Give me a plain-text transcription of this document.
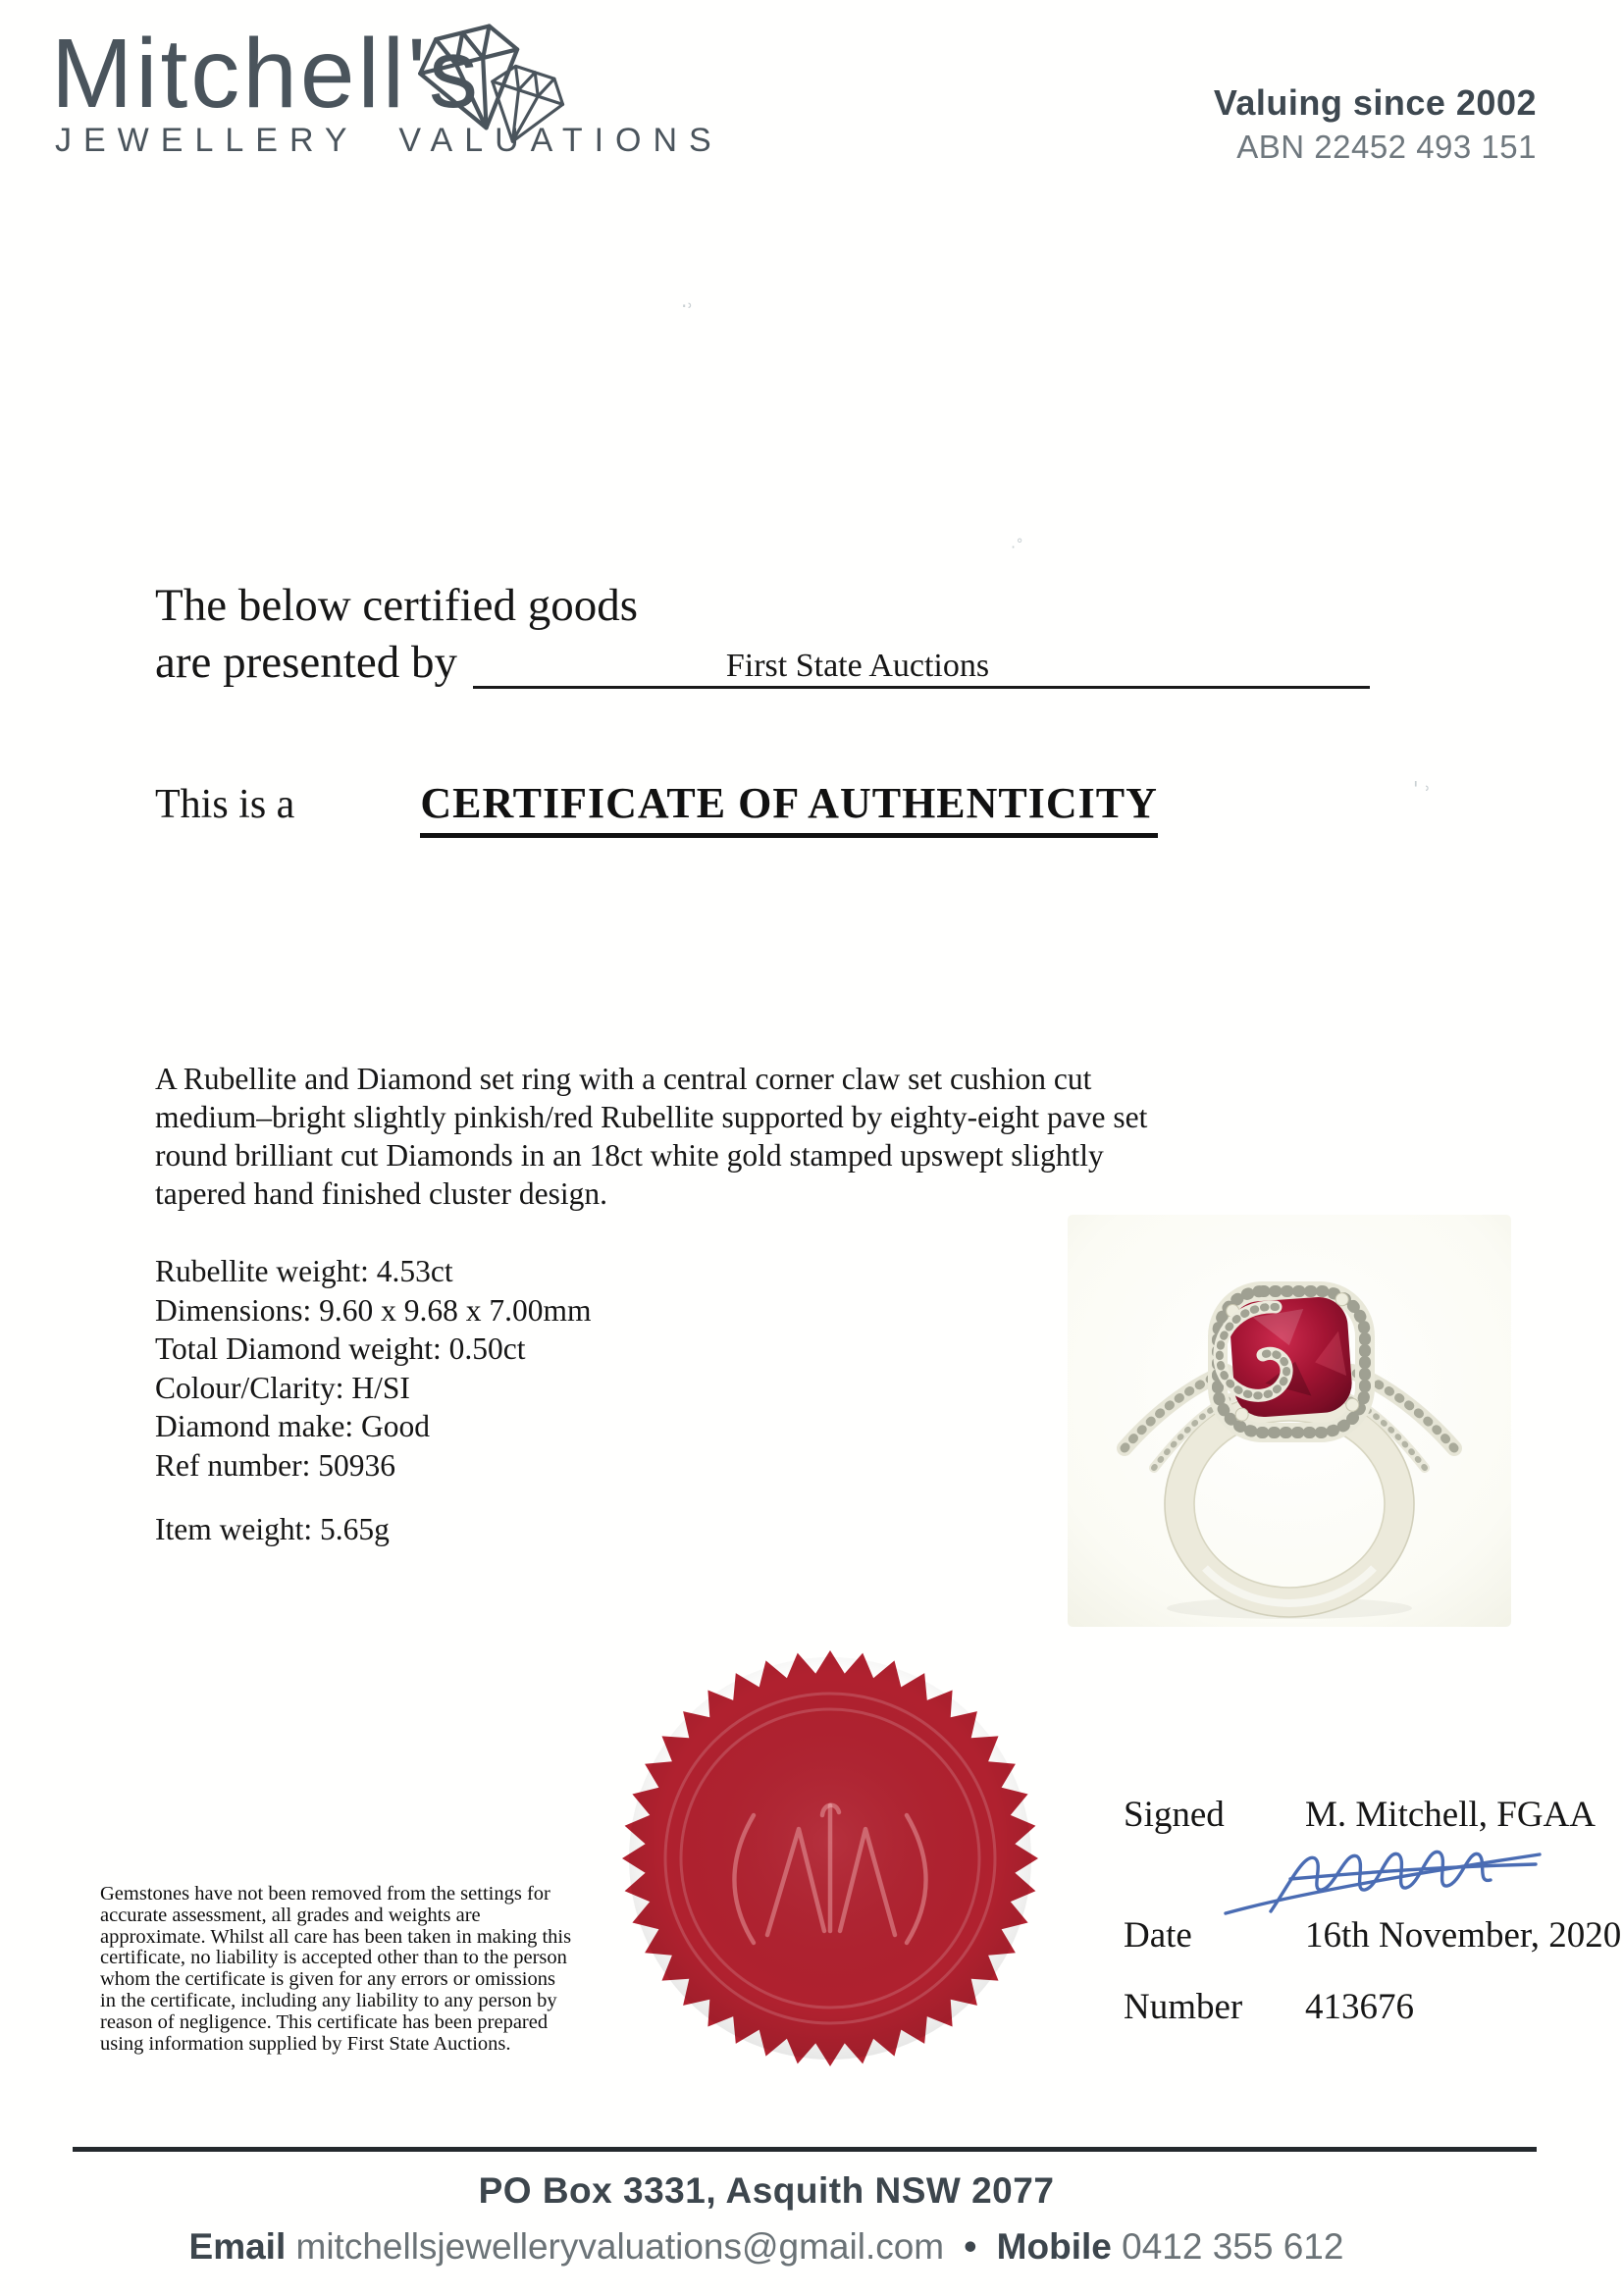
Mitchell's
JEWELLERY VALUATIONS
Valuing since 2002
ABN 22452 493 151
·˒
·˚
' ˒
The below certified goods
are presented by	First State Auctions
This is a	CERTIFICATE OF AUTHENTICITY
A Rubellite and Diamond set ring with a central corner claw set cushion cut medium–bright slightly pinkish/red Rubellite supported by eighty-eight pave set round brilliant cut Diamonds in an 18ct white gold stamped upswept slightly tapered hand finished cluster design.
Rubellite weight: 4.53ct
Dimensions: 9.60 x 9.68 x 7.00mm
Total Diamond weight: 0.50ct
Colour/Clarity: H/SI
Diamond make: Good
Ref number: 50936
Item weight: 5.65g
Signed	M. Mitchell, FGAA
Date	16th November, 2020
Number	413676
Gemstones have not been removed from the settings for accurate assessment, all grades and weights are approximate. Whilst all care has been taken in making this certificate, no liability is accepted other than to the person whom the certificate is given for any errors or omissions in the certificate, including any liability to any person by reason of negligence. This certificate has been prepared using information supplied by First State Auctions.
PO Box 3331, Asquith NSW 2077
Email mitchellsjewelleryvaluations@gmail.com • Mobile 0412 355 612
